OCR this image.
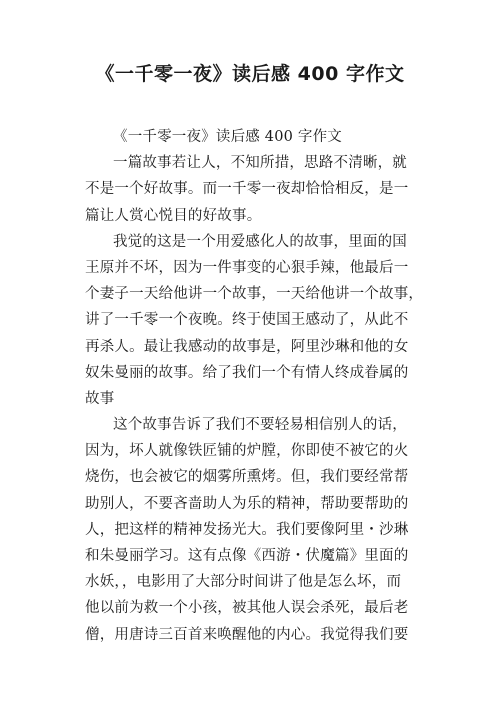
《一千零一夜》读后感 400 字作文
《一千零一夜》读后感 400 字作文
一篇故事若让人，不知所措，思路不清晰，就
不是一个好故事。而一千零一夜却恰恰相反，是一
篇让人赏心悦目的好故事。
我觉的这是一个用爱感化人的故事，里面的国
王原并不坏，因为一件事变的心狠手辣，他最后一
个妻子一天给他讲一个故事，一天给他讲一个故事，
讲了一千零一个夜晚。终于使国王感动了，从此不
再杀人。最让我感动的故事是，阿里沙琳和他的女
奴朱曼丽的故事。给了我们一个有情人终成眷属的
故事
这个故事告诉了我们不要轻易相信别人的话，
因为，坏人就像铁匠铺的炉膛，你即使不被它的火
烧伤，也会被它的烟雾所熏烤。但，我们要经常帮
助别人，不要吝啬助人为乐的精神，帮助要帮助的
人，把这样的精神发扬光大。我们要像阿里・沙琳
和朱曼丽学习。这有点像《西游・伏魔篇》里面的
水妖，，电影用了大部分时间讲了他是怎么坏，而
他以前为救一个小孩，被其他人误会杀死，最后老
僧，用唐诗三百首来唤醒他的内心。我觉得我们要
